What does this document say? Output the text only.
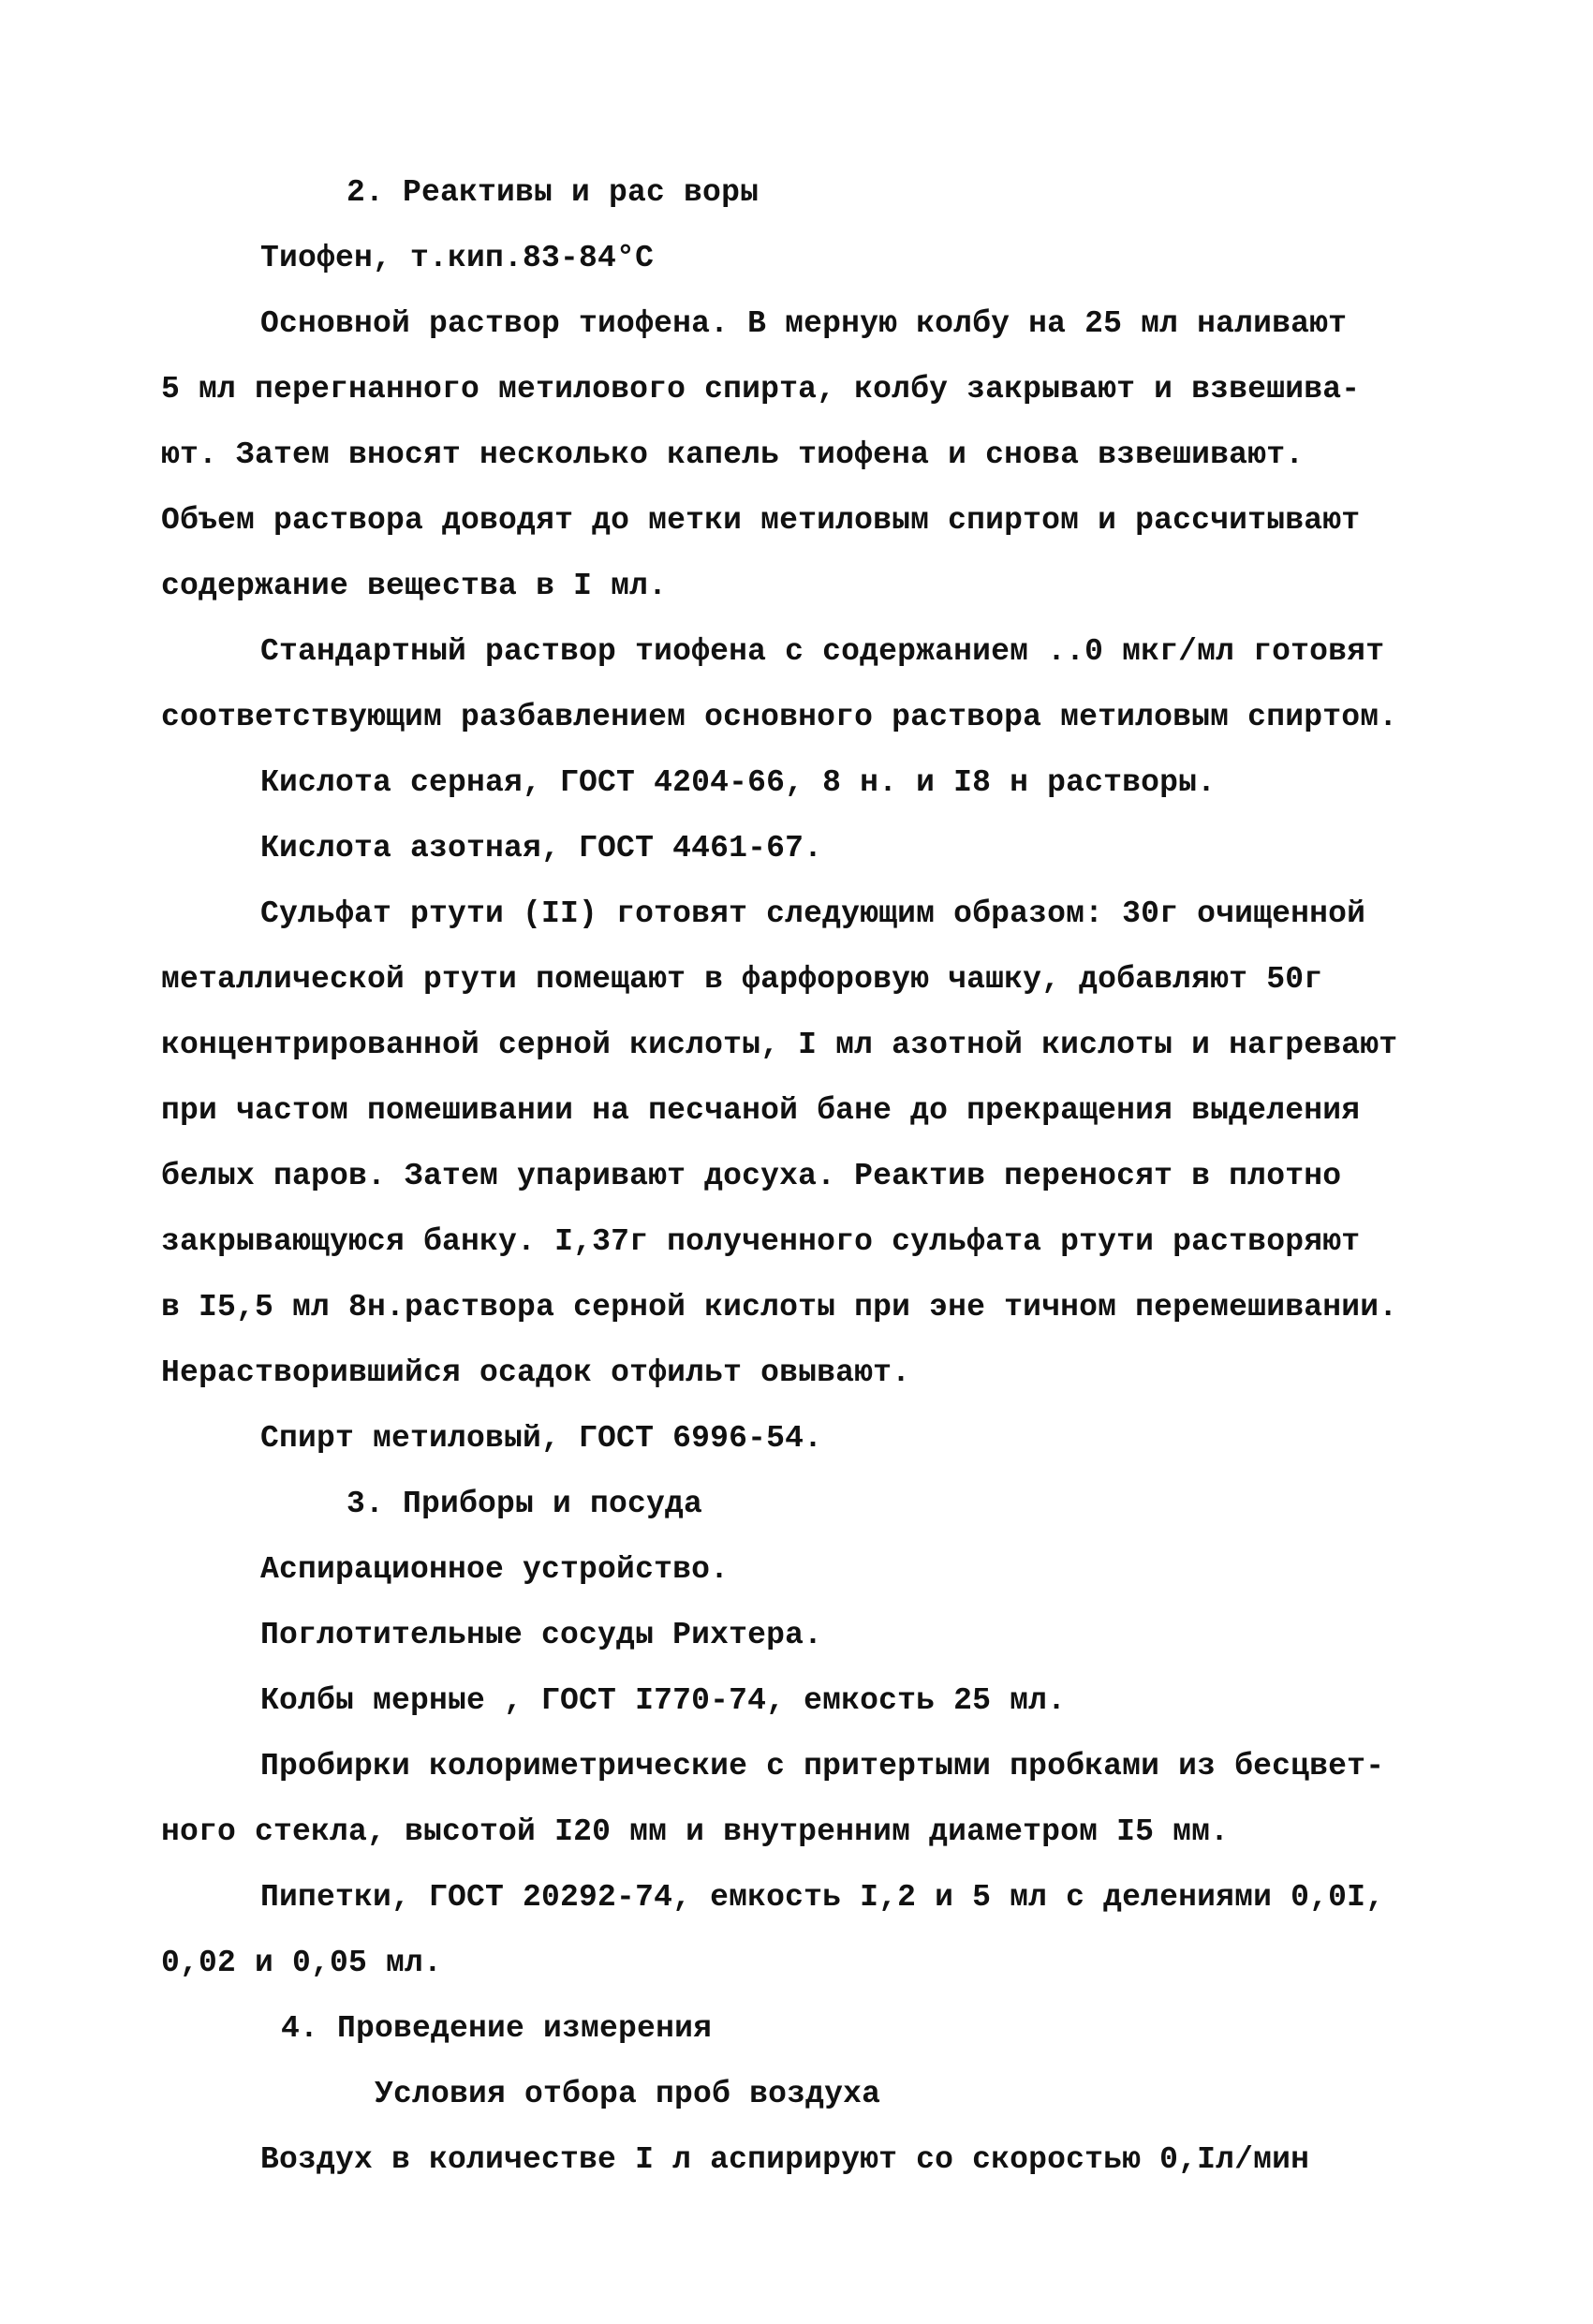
2. Реактивы и рас воры
Тиофен, т.кип.83-84°С
Основной раствор тиофена. В мерную колбу на 25 мл наливают
5 мл перегнанного метилового спирта, колбу закрывают и взвешива-
ют. Затем вносят несколько капель тиофена и снова взвешивают.
Объем раствора доводят до метки метиловым спиртом и рассчитывают
содержание вещества в I мл.
Стандартный раствор тиофена с содержанием ..0 мкг/мл готовят
соответствующим разбавлением основного раствора метиловым спиртом.
Кислота серная, ГОСТ 4204-66, 8 н. и I8 н растворы.
Кислота азотная, ГОСТ 4461-67.
Сульфат ртути (II) готовят следующим образом: 30г очищенной
металлической ртути помещают в фарфоровую чашку, добавляют 50г
концентрированной серной кислоты, I мл азотной кислоты и нагревают
при частом помешивании на песчаной бане до прекращения выделения
белых паров. Затем упаривают досуха. Реактив переносят в плотно
закрывающуюся банку. I,37г полученного сульфата ртути растворяют
в I5,5 мл 8н.раствора серной кислоты при эне тичном перемешивании.
Нерастворившийся осадок отфильт овывают.
Спирт метиловый, ГОСТ 6996-54.
3. Приборы и посуда
Аспирационное устройство.
Поглотительные сосуды Рихтера.
Колбы мерные , ГОСТ I770-74, емкость 25 мл.
Пробирки колориметрические с притертыми пробками из бесцвет-
ного стекла, высотой I20 мм и внутренним диаметром I5 мм.
Пипетки, ГОСТ 20292-74, емкость I,2 и 5 мл с делениями 0,0I,
0,02 и 0,05 мл.
4. Проведение измерения
Условия отбора проб воздуха
Воздух в количестве I л аспирируют со скоростью 0,Iл/мин
